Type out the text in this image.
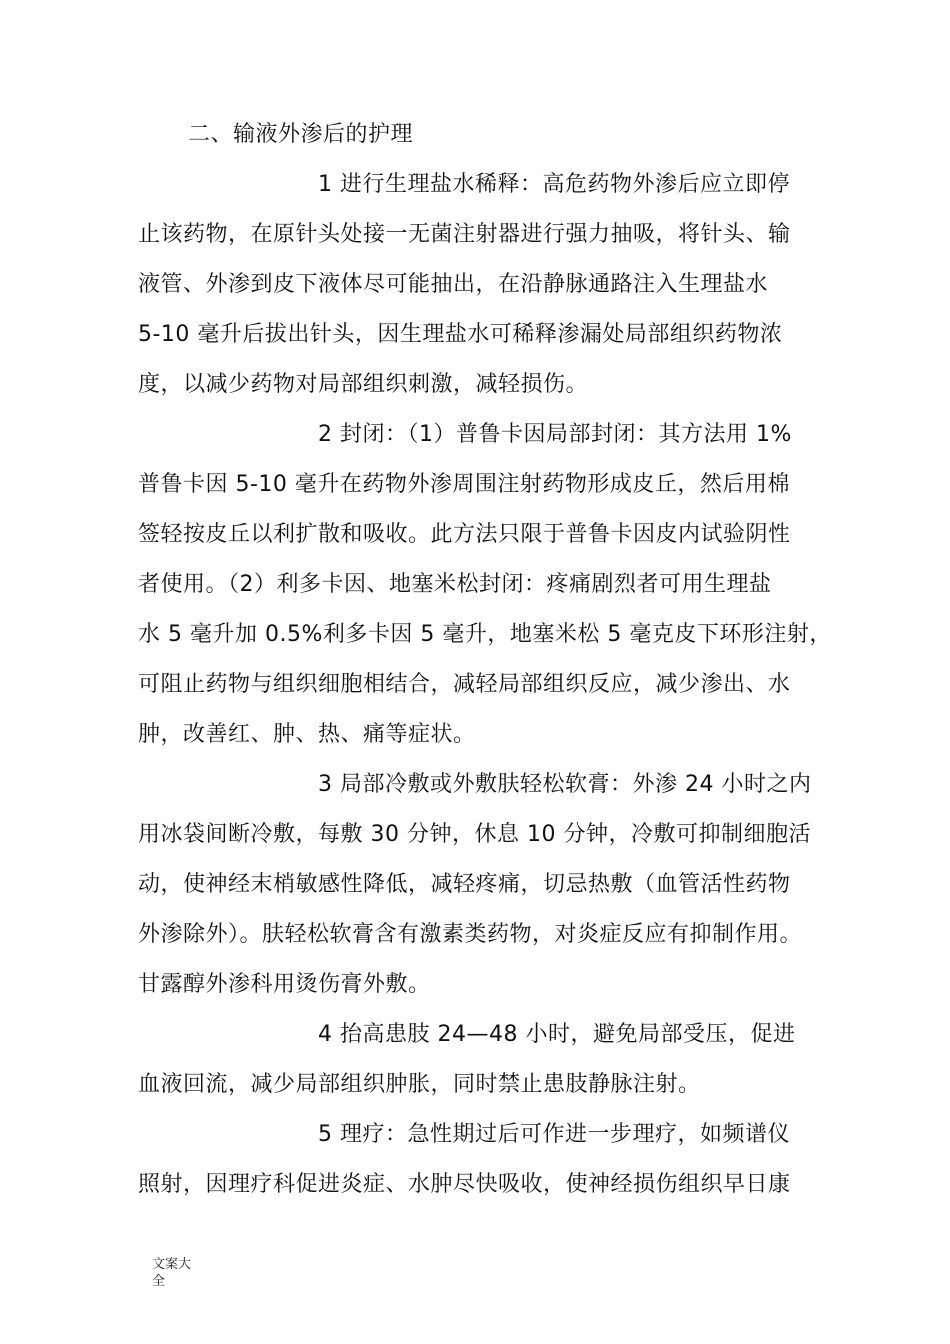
二、输液外渗后的护理
1 进行生理盐水稀释：高危药物外渗后应立即停
止该药物，在原针头处接一无菌注射器进行强力抽吸，将针头、输
液管、外渗到皮下液体尽可能抽出，在沿静脉通路注入生理盐水
5-10 毫升后拔出针头，因生理盐水可稀释渗漏处局部组织药物浓
度，以减少药物对局部组织刺激，减轻损伤。
2 封闭：（1）普鲁卡因局部封闭：其方法用 1%
普鲁卡因 5-10 毫升在药物外渗周围注射药物形成皮丘，然后用棉
签轻按皮丘以利扩散和吸收。此方法只限于普鲁卡因皮内试验阴性
者使用。（2）利多卡因、地塞米松封闭：疼痛剧烈者可用生理盐
水 5 毫升加 0.5%利多卡因 5 毫升，地塞米松 5 毫克皮下环形注射，
可阻止药物与组织细胞相结合，减轻局部组织反应，减少渗出、水
肿，改善红、肿、热、痛等症状。
3 局部冷敷或外敷肤轻松软膏：外渗 24 小时之内
用冰袋间断冷敷，每敷 30 分钟，休息 10 分钟，冷敷可抑制细胞活
动，使神经末梢敏感性降低，减轻疼痛，切忌热敷（血管活性药物
外渗除外）。肤轻松软膏含有激素类药物，对炎症反应有抑制作用。
甘露醇外渗科用烫伤膏外敷。
4 抬高患肢 24—48 小时，避免局部受压，促进
血液回流，减少局部组织肿胀，同时禁止患肢静脉注射。
5 理疗：急性期过后可作进一步理疗，如频谱仪
照射，因理疗科促进炎症、水肿尽快吸收，使神经损伤组织早日康
文案大全
